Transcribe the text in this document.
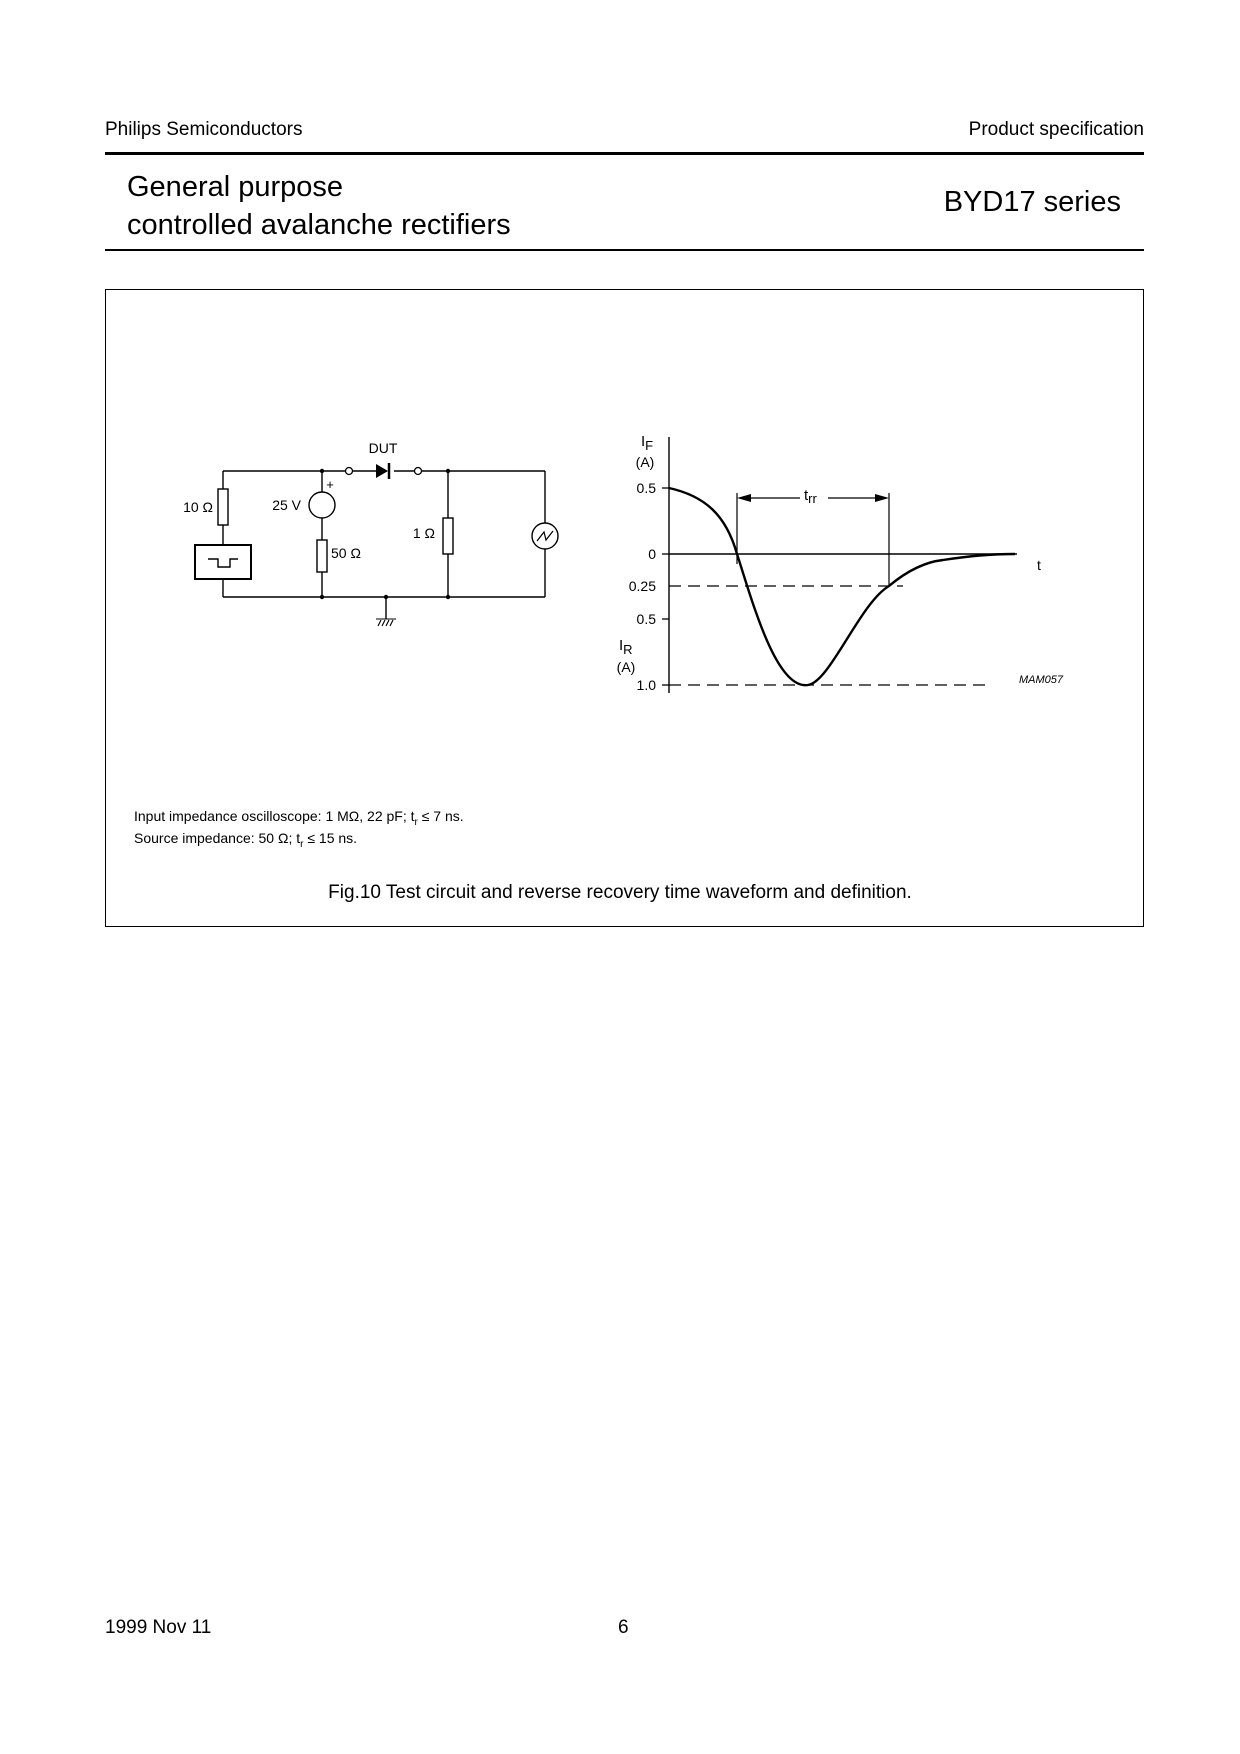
Philips Semiconductors	Product specification
General purpose
controlled avalanche rectifiers
BYD17 series
DUT
10 Ω	25 V
+
50 Ω
1 Ω
IF
(A)
0.5
0
0.25
0.5
IR
(A)
1.0
t
trr
MAM057
Input impedance oscilloscope: 1 MΩ, 22 pF; $t_r \le 7$ ns.
Source impedance: 50 Ω; $t_r \le 15$ ns.
Fig.10 Test circuit and reverse recovery time waveform and definition.
1999 Nov 11	6
